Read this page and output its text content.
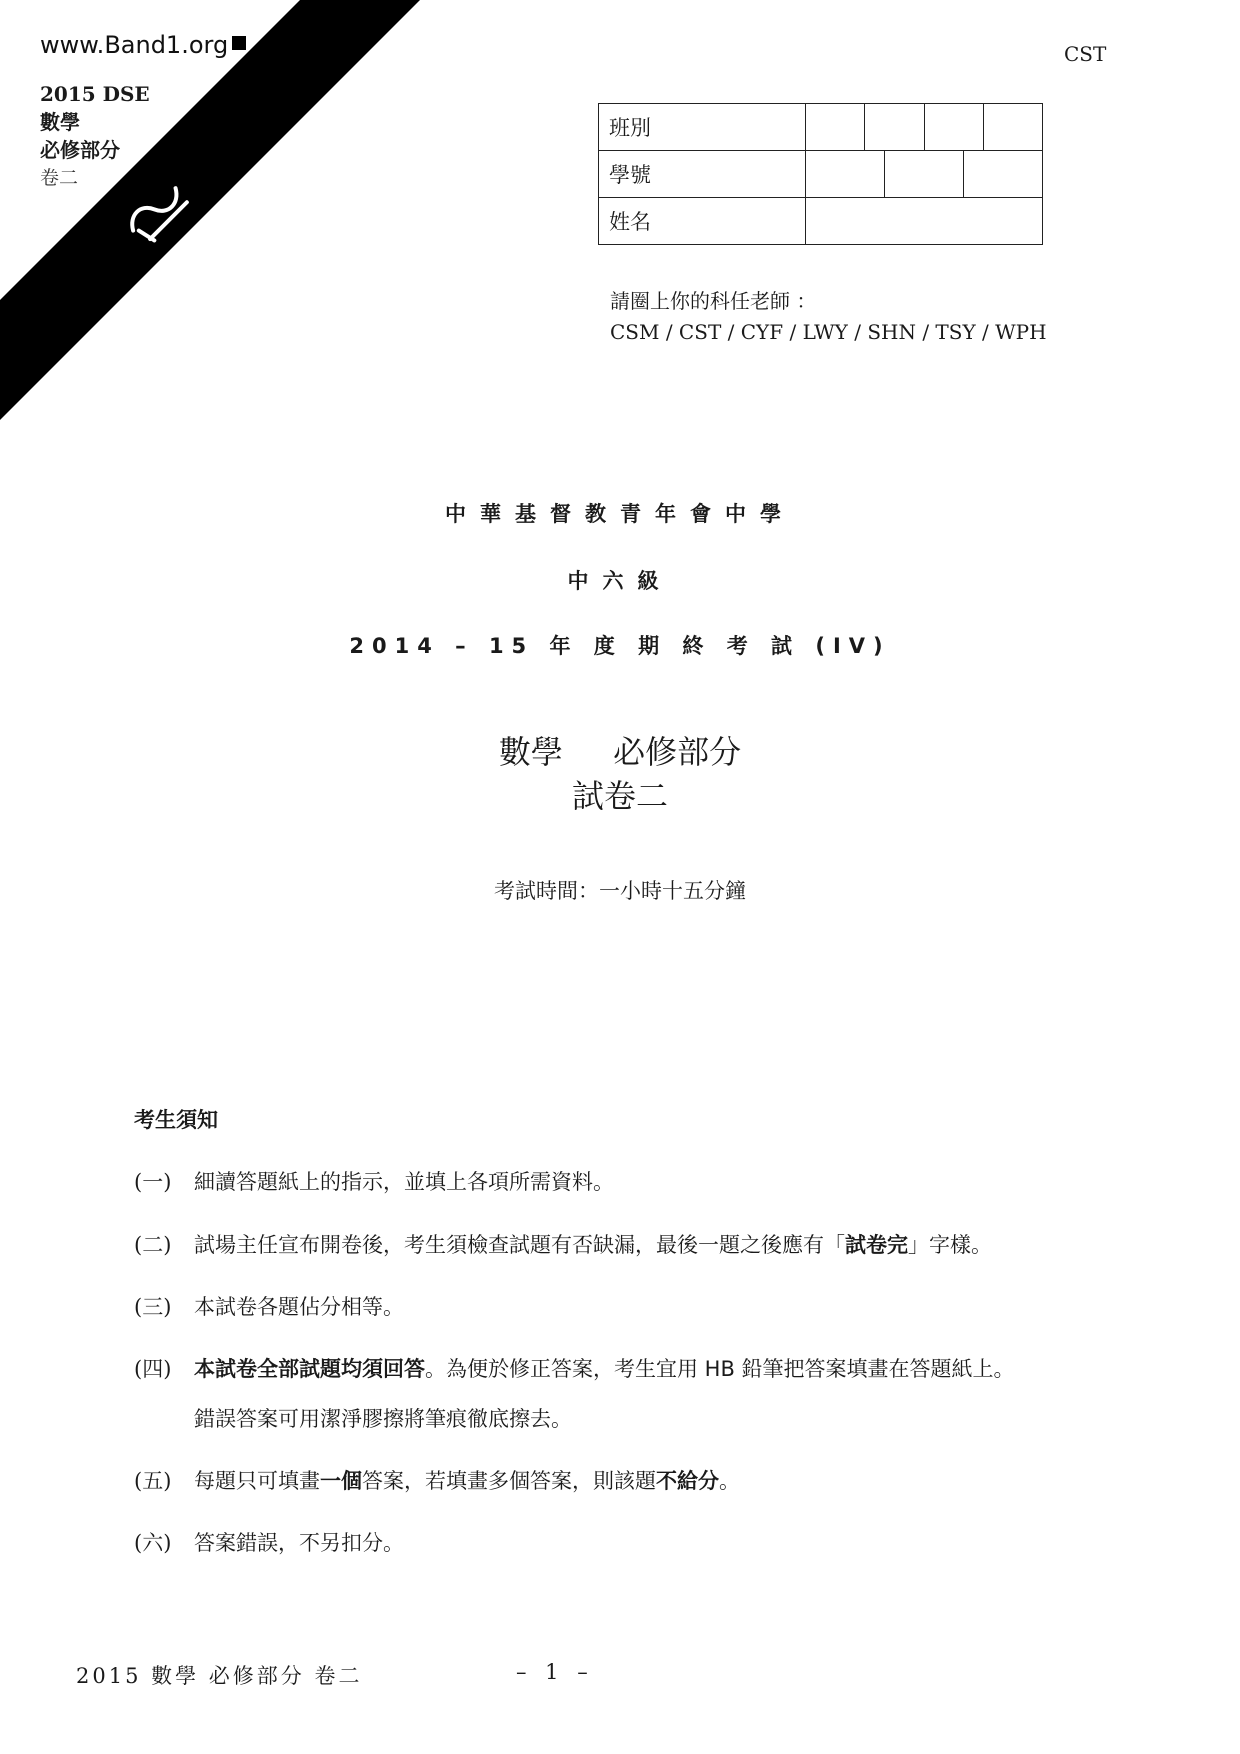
www.Band1.org
2015 DSE
數學
必修部分
卷二
CST
班別	

學號	

姓名	
請圈上你的科任老師 ：
CSM / CST / CYF / LWY / SHN / TSY / WPH
中華基督教青年會中學
中六級
2014 – 15 年 度 期 終 考 試 (IV)
數學 必修部分
試卷二
考試時間：一小時十五分鐘
考生須知
(一) 細讀答題紙上的指示，並填上各項所需資料。
(二) 試場主任宣布開卷後，考生須檢查試題有否缺漏，最後一題之後應有「試卷完」字樣。
(三) 本試卷各題佔分相等。
(四) 本試卷全部試題均須回答。為便於修正答案，考生宜用 HB 鉛筆把答案填畫在答題紙上。
錯誤答案可用潔淨膠擦將筆痕徹底擦去。
(五) 每題只可填畫一個答案，若填畫多個答案，則該題不給分。
(六) 答案錯誤，不另扣分。
2015 數學 必修部分 卷二	– 1 –
